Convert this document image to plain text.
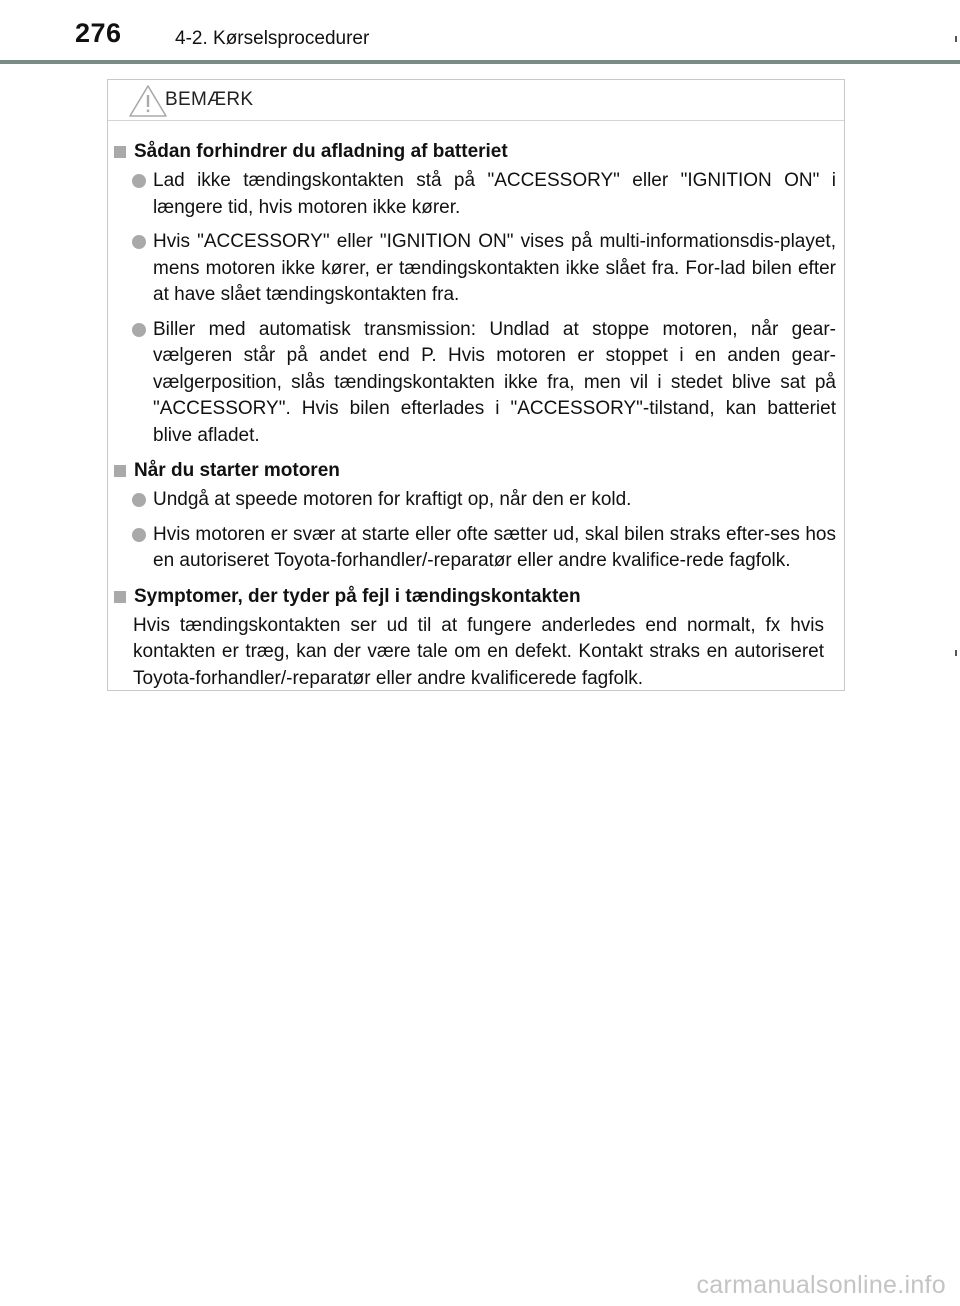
276	4-2. Kørselsprocedurer
BEMÆRK
Sådan forhindrer du afladning af batteriet
Lad ikke tændingskontakten stå på "ACCESSORY" eller "IGNITION ON" i længere tid, hvis motoren ikke kører.
Hvis "ACCESSORY" eller "IGNITION ON" vises på multi-informationsdis-playet, mens motoren ikke kører, er tændingskontakten ikke slået fra. For-lad bilen efter at have slået tændingskontakten fra.
Biller med automatisk transmission: Undlad at stoppe motoren, når gear-vælgeren står på andet end P. Hvis motoren er stoppet i en anden gear-vælgerposition, slås tændingskontakten ikke fra, men vil i stedet blive sat på "ACCESSORY". Hvis bilen efterlades i "ACCESSORY"-tilstand, kan batteriet blive afladet.
Når du starter motoren
Undgå at speede motoren for kraftigt op, når den er kold.
Hvis motoren er svær at starte eller ofte sætter ud, skal bilen straks efter-ses hos en autoriseret Toyota-forhandler/-reparatør eller andre kvalifice-rede fagfolk.
Symptomer, der tyder på fejl i tændingskontakten

Hvis tændingskontakten ser ud til at fungere anderledes end normalt, fx hvis kontakten er træg, kan der være tale om en defekt. Kontakt straks en autoriseret Toyota-forhandler/-reparatør eller andre kvalificerede fagfolk.

carmanualsonline.info
